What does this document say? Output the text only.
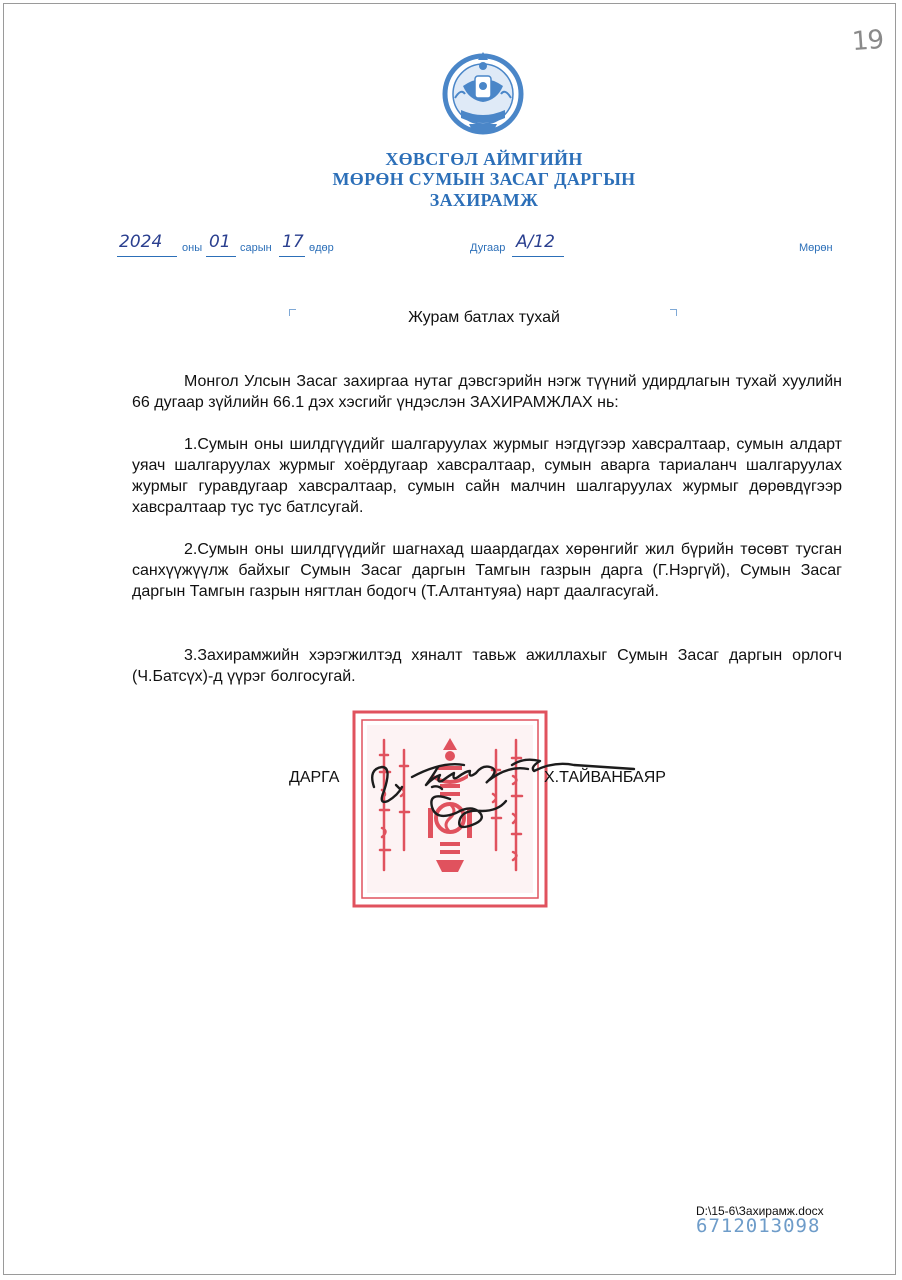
19
ХӨВСГӨЛ АЙМГИЙН
МӨРӨН СУМЫН ЗАСАГ ДАРГЫН
ЗАХИРАМЖ
2024 оны 01 сарын 17 өдөр	Дугаар А/12	Мөрөн
Журам батлах тухай

Монгол Улсын Засаг захиргаа нутаг дэвсгэрийн нэгж түүний удирдлагын тухай хуулийн 66 дугаар зүйлийн 66.1 дэх хэсгийг үндэслэн ЗАХИРАМЖЛАХ нь:

1.Сумын оны шилдгүүдийг шалгаруулах журмыг нэгдүгээр хавсралтаар, сумын алдарт уяач шалгаруулах журмыг хоёрдугаар хавсралтаар, сумын аварга тариаланч шалгаруулах журмыг гуравдугаар хавсралтаар, сумын сайн малчин шалгаруулах журмыг дөрөвдүгээр хавсралтаар тус тус батлсугай.

2.Сумын оны шилдгүүдийг шагнахад шаардагдах хөрөнгийг жил бүрийн төсөвт тусган санхүүжүүлж байхыг Сумын Засаг даргын Тамгын газрын дарга (Г.Нэргүй), Сумын Засаг даргын Тамгын газрын нягтлан бодогч (Т.Алтантуяа) нарт даалгасугай.

3.Захирамжийн хэрэгжилтэд хяналт тавьж ажиллахыг Сумын Засаг даргын орлогч (Ч.Батсүх)-д үүрэг болгосугай.

ДАРГА	Х.ТАЙВАНБАЯР
D:\15-6\Захирамж.docx
6712013098
